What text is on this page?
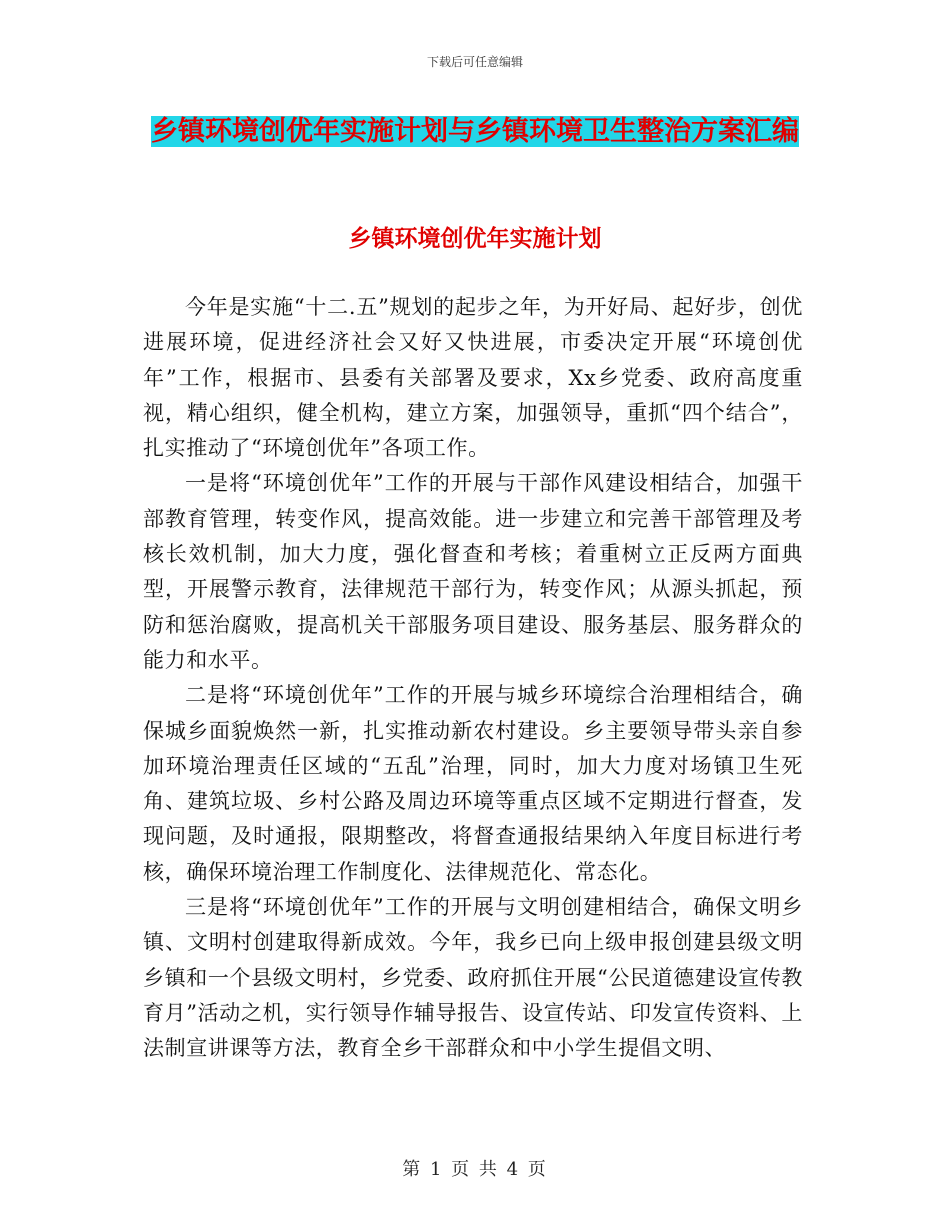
下载后可任意编辑
乡镇环境创优年实施计划与乡镇环境卫生整治方案汇编
乡镇环境创优年实施计划

今年是实施“十二.五”规划的起步之年，为开好局、起好步，创优进展环境，促进经济社会又好又快进展，市委决定开展“环境创优年”工作，根据市、县委有关部署及要求，Xx乡党委、政府高度重视，精心组织，健全机构，建立方案，加强领导，重抓“四个结合”，扎实推动了“环境创优年”各项工作。

一是将“环境创优年”工作的开展与干部作风建设相结合，加强干部教育管理，转变作风，提高效能。进一步建立和完善干部管理及考核长效机制，加大力度，强化督查和考核；着重树立正反两方面典型，开展警示教育，法律规范干部行为，转变作风；从源头抓起，预防和惩治腐败，提高机关干部服务项目建设、服务基层、服务群众的能力和水平。

二是将“环境创优年”工作的开展与城乡环境综合治理相结合，确保城乡面貌焕然一新，扎实推动新农村建设。乡主要领导带头亲自参加环境治理责任区域的“五乱”治理，同时，加大力度对场镇卫生死角、建筑垃圾、乡村公路及周边环境等重点区域不定期进行督查，发现问题，及时通报，限期整改，将督查通报结果纳入年度目标进行考核，确保环境治理工作制度化、法律规范化、常态化。

三是将“环境创优年”工作的开展与文明创建相结合，确保文明乡镇、文明村创建取得新成效。今年，我乡已向上级申报创建县级文明乡镇和一个县级文明村，乡党委、政府抓住开展“公民道德建设宣传教育月”活动之机，实行领导作辅导报告、设宣传站、印发宣传资料、上法制宣讲课等方法，教育全乡干部群众和中小学生提倡文明、

第 1 页 共 4 页
